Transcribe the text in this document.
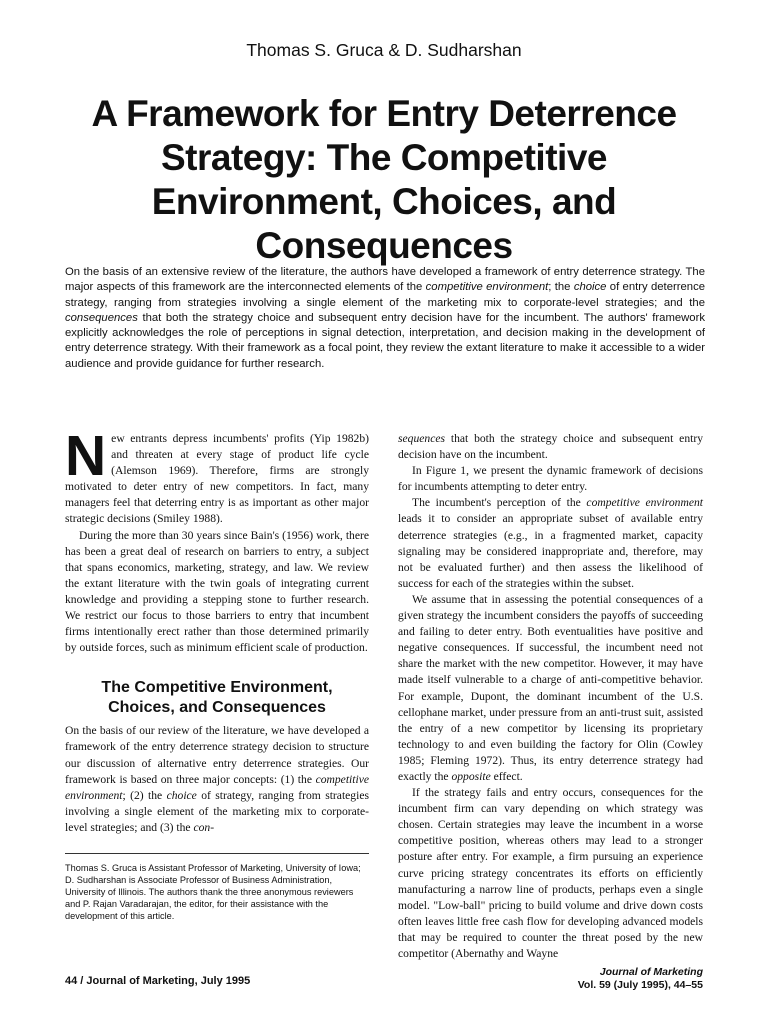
Thomas S. Gruca & D. Sudharshan
A Framework for Entry Deterrence
Strategy: The Competitive
Environment, Choices, and
Consequences

On the basis of an extensive review of the literature, the authors have developed a framework of entry deterrence strategy. The major aspects of this framework are the interconnected elements of the competitive environment; the choice of entry deterrence strategy, ranging from strategies involving a single element of the marketing mix to corporate-level strategies; and the consequences that both the strategy choice and subsequent entry decision have for the incumbent. The authors' framework explicitly acknowledges the role of perceptions in signal detection, interpretation, and decision making in the development of entry deterrence strategy. With their framework as a focal point, they review the extant literature to make it accessible to a wider audience and provide guidance for further research.

New entrants depress incumbents' profits (Yip 1982b) and threaten at every stage of product life cycle (Alemson 1969). Therefore, firms are strongly motivated to deter entry of new competitors. In fact, many managers feel that deterring entry is as important as other major strategic decisions (Smiley 1988).

During the more than 30 years since Bain's (1956) work, there has been a great deal of research on barriers to entry, a subject that spans economics, marketing, strategy, and law. We review the extant literature with the twin goals of integrating current knowledge and providing a stepping stone to further research. We restrict our focus to those barriers to entry that incumbent firms intentionally erect rather than those determined primarily by outside forces, such as minimum efficient scale of production.

The Competitive Environment,
Choices, and Consequences

On the basis of our review of the literature, we have developed a framework of the entry deterrence strategy decision to structure our discussion of alternative entry deterrence strategies. Our framework is based on three major concepts: (1) the competitive environment; (2) the choice of strategy, ranging from strategies involving a single element of the marketing mix to corporate-level strategies; and (3) the con-

Thomas S. Gruca is Assistant Professor of Marketing, University of Iowa; D. Sudharshan is Associate Professor of Business Administration, University of Illinois. The authors thank the three anonymous reviewers and P. Rajan Varadarajan, the editor, for their assistance with the development of this article.

sequences that both the strategy choice and subsequent entry decision have on the incumbent.

In Figure 1, we present the dynamic framework of decisions for incumbents attempting to deter entry.

The incumbent's perception of the competitive environment leads it to consider an appropriate subset of available entry deterrence strategies (e.g., in a fragmented market, capacity signaling may be considered inappropriate and, therefore, may not be evaluated further) and then assess the likelihood of success for each of the strategies within the subset.

We assume that in assessing the potential consequences of a given strategy the incumbent considers the payoffs of succeeding and failing to deter entry. Both eventualities have positive and negative consequences. If successful, the incumbent need not share the market with the new competitor. However, it may have made itself vulnerable to a charge of anti-competitive behavior. For example, Dupont, the dominant incumbent of the U.S. cellophane market, under pressure from an anti-trust suit, assisted the entry of a new competitor by licensing its proprietary technology to and even building the factory for Olin (Cowley 1985; Fleming 1972). Thus, its entry deterrence strategy had exactly the opposite effect.

If the strategy fails and entry occurs, consequences for the incumbent firm can vary depending on which strategy was chosen. Certain strategies may leave the incumbent in a worse competitive position, whereas others may lead to a stronger posture after entry. For example, a firm pursuing an experience curve pricing strategy concentrates its efforts on efficiently manufacturing a narrow line of products, perhaps even a single model. "Low-ball" pricing to build volume and drive down costs often leaves little free cash flow for developing advanced models that may be required to counter the threat posed by the new competitor (Abernathy and Wayne

44 / Journal of Marketing, July 1995
Journal of Marketing
Vol. 59 (July 1995), 44–55
